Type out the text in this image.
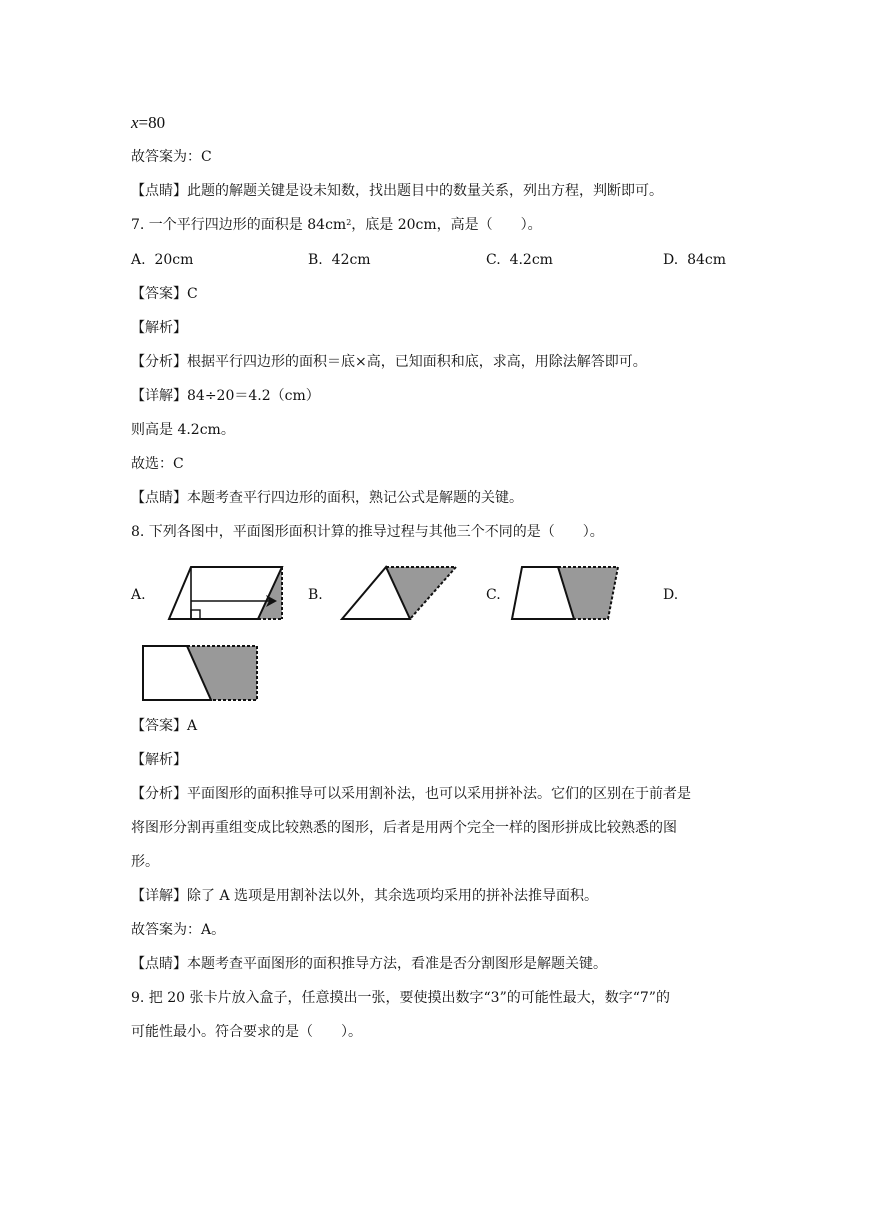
x=80
故答案为：C
【点睛】此题的解题关键是设未知数，找出题目中的数量关系，列出方程，判断即可。
7. 一个平行四边形的面积是 $84cm^2$，底是 20cm，高是（　　）。
A. 20cm	B. 42cm	C. 4.2cm	D. 84cm
【答案】C
【解析】
【分析】根据平行四边形的面积＝底×高，已知面积和底，求高，用除法解答即可。
【详解】84÷20＝4.2（cm）
则高是 4.2cm。
故选：C
【点睛】本题考查平行四边形的面积，熟记公式是解题的关键。
8. 下列各图中，平面图形面积计算的推导过程与其他三个不同的是（　　）。
A.	B.	C.	D.
【答案】A
【解析】
【分析】平面图形的面积推导可以采用割补法，也可以采用拼补法。它们的区别在于前者是
将图形分割再重组变成比较熟悉的图形，后者是用两个完全一样的图形拼成比较熟悉的图
形。
【详解】除了 A 选项是用割补法以外，其余选项均采用的拼补法推导面积。
故答案为：A。
【点睛】本题考查平面图形的面积推导方法，看准是否分割图形是解题关键。
9. 把 20 张卡片放入盒子，任意摸出一张，要使摸出数字“3”的可能性最大，数字“7”的
可能性最小。符合要求的是（　　）。
